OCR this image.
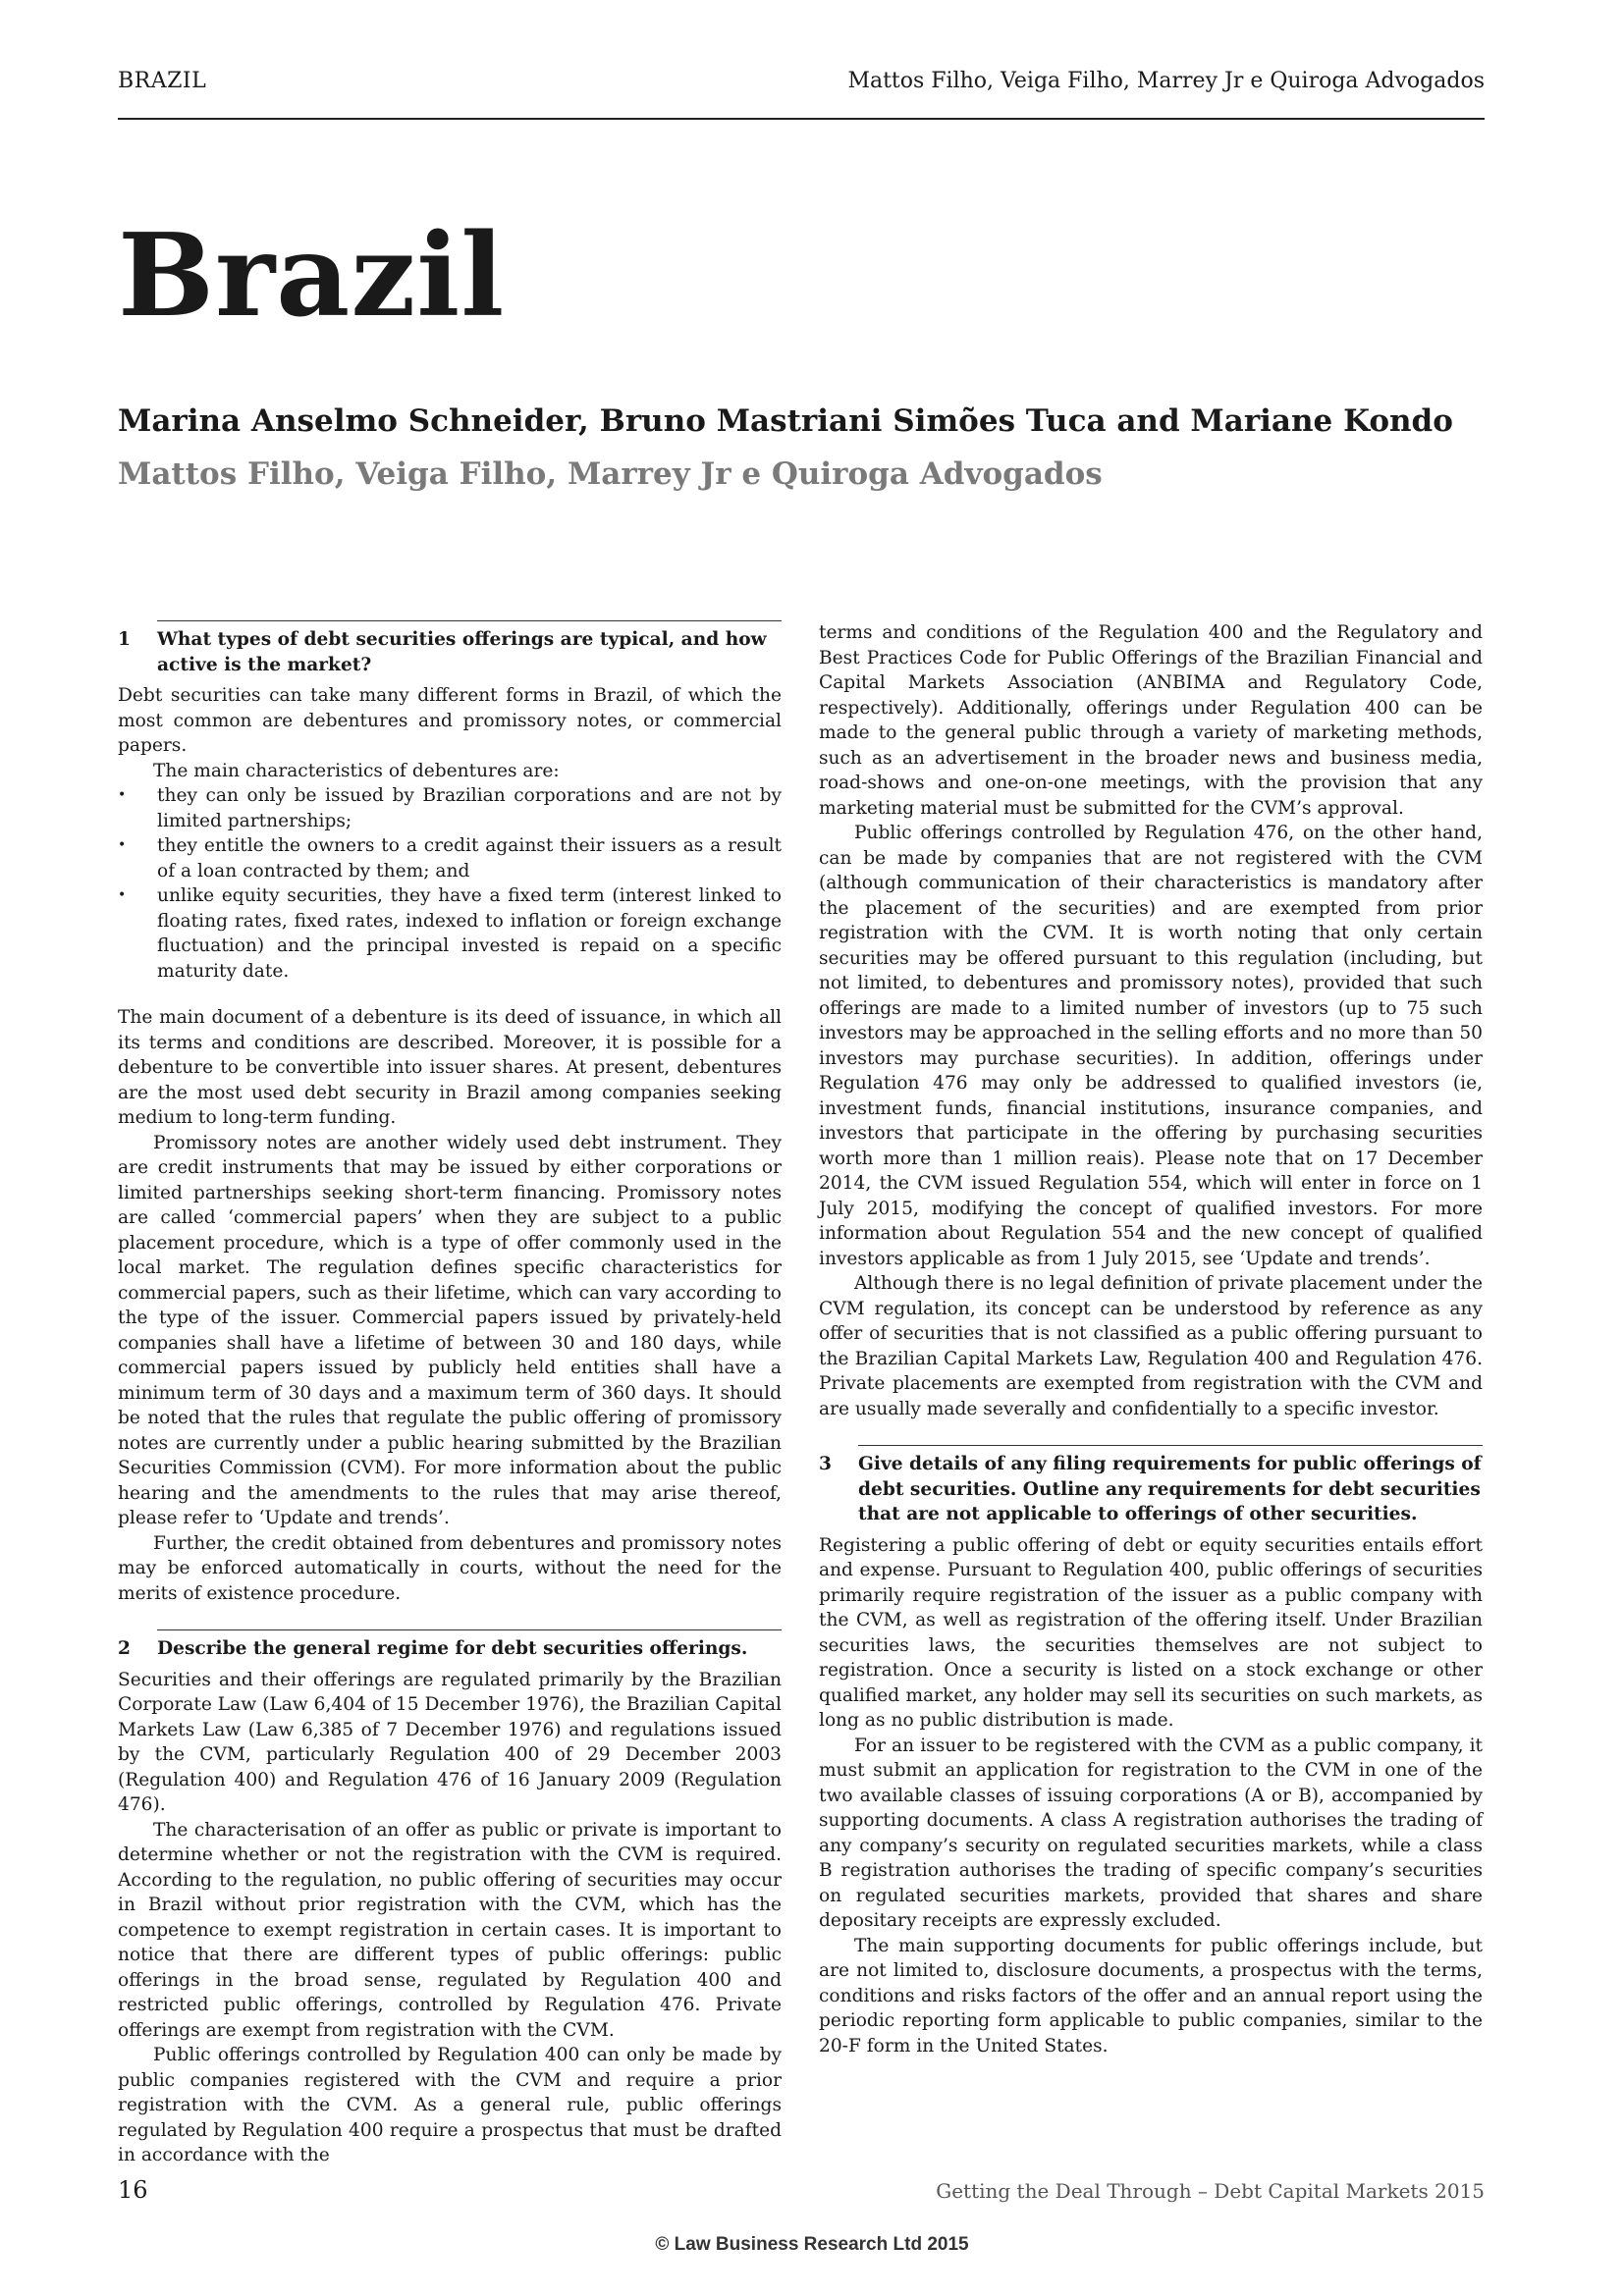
BRAZIL	Mattos Filho, Veiga Filho, Marrey Jr e Quiroga Advogados
Brazil
Marina Anselmo Schneider, Bruno Mastriani Simões Tuca and Mariane Kondo
Mattos Filho, Veiga Filho, Marrey Jr e Quiroga Advogados
1 What types of debt securities offerings are typical, and how active is the market?

Debt securities can take many different forms in Brazil, of which the most common are debentures and promissory notes, or commercial papers.

The main characteristics of debentures are:

• they can only be issued by Brazilian corporations and are not by limited partnerships;
• they entitle the owners to a credit against their issuers as a result of a loan contracted by them; and
• unlike equity securities, they have a fixed term (interest linked to floating rates, fixed rates, indexed to inflation or foreign exchange fluctuation) and the principal invested is repaid on a specific maturity date.

The main document of a debenture is its deed of issuance, in which all its terms and conditions are described. Moreover, it is possible for a debenture to be convertible into issuer shares. At present, debentures are the most used debt security in Brazil among companies seeking medium to long-term funding.

Promissory notes are another widely used debt instrument. They are credit instruments that may be issued by either corporations or limited partnerships seeking short-term financing. Promissory notes are called ‘commercial papers’ when they are subject to a public placement procedure, which is a type of offer commonly used in the local market. The regulation defines specific characteristics for commercial papers, such as their lifetime, which can vary according to the type of the issuer. Commercial papers issued by privately-held companies shall have a lifetime of between 30 and 180 days, while commercial papers issued by publicly held entities shall have a minimum term of 30 days and a maximum term of 360 days. It should be noted that the rules that regulate the public offering of promissory notes are currently under a public hearing submitted by the Brazilian Securities Commission (CVM). For more information about the public hearing and the amendments to the rules that may arise thereof, please refer to ‘Update and trends’.

Further, the credit obtained from debentures and promissory notes may be enforced automatically in courts, without the need for the merits of existence procedure.

2 Describe the general regime for debt securities offerings.

Securities and their offerings are regulated primarily by the Brazilian Corporate Law (Law 6,404 of 15 December 1976), the Brazilian Capital Markets Law (Law 6,385 of 7 December 1976) and regulations issued by the CVM, particularly Regulation 400 of 29 December 2003 (Regulation 400) and Regulation 476 of 16 January 2009 (Regulation 476).

The characterisation of an offer as public or private is important to determine whether or not the registration with the CVM is required. According to the regulation, no public offering of securities may occur in Brazil without prior registration with the CVM, which has the competence to exempt registration in certain cases. It is important to notice that there are different types of public offerings: public offerings in the broad sense, regulated by Regulation 400 and restricted public offerings, controlled by Regulation 476. Private offerings are exempt from registration with the CVM.

Public offerings controlled by Regulation 400 can only be made by public companies registered with the CVM and require a prior registration with the CVM. As a general rule, public offerings regulated by Regulation 400 require a prospectus that must be drafted in accordance with the

terms and conditions of the Regulation 400 and the Regulatory and Best Practices Code for Public Offerings of the Brazilian Financial and Capital Markets Association (ANBIMA and Regulatory Code, respectively). Additionally, offerings under Regulation 400 can be made to the general public through a variety of marketing methods, such as an advertisement in the broader news and business media, road-shows and one-on-one meetings, with the provision that any marketing material must be submitted for the CVM’s approval.

Public offerings controlled by Regulation 476, on the other hand, can be made by companies that are not registered with the CVM (although communication of their characteristics is mandatory after the placement of the securities) and are exempted from prior registration with the CVM. It is worth noting that only certain securities may be offered pursuant to this regulation (including, but not limited, to debentures and promissory notes), provided that such offerings are made to a limited number of investors (up to 75 such investors may be approached in the selling efforts and no more than 50 investors may purchase securities). In addition, offerings under Regulation 476 may only be addressed to qualified investors (ie, investment funds, financial institutions, insurance companies, and investors that participate in the offering by purchasing securities worth more than 1 million reais). Please note that on 17 December 2014, the CVM issued Regulation 554, which will enter in force on 1 July 2015, modifying the concept of qualified investors. For more information about Regulation 554 and the new concept of qualified investors applicable as from 1 July 2015, see ‘Update and trends’.

Although there is no legal definition of private placement under the CVM regulation, its concept can be understood by reference as any offer of securities that is not classified as a public offering pursuant to the Brazilian Capital Markets Law, Regulation 400 and Regulation 476. Private placements are exempted from registration with the CVM and are usually made severally and confidentially to a specific investor.

3 Give details of any filing requirements for public offerings of debt securities. Outline any requirements for debt securities that are not applicable to offerings of other securities.

Registering a public offering of debt or equity securities entails effort and expense. Pursuant to Regulation 400, public offerings of securities primarily require registration of the issuer as a public company with the CVM, as well as registration of the offering itself. Under Brazilian securities laws, the securities themselves are not subject to registration. Once a security is listed on a stock exchange or other qualified market, any holder may sell its securities on such markets, as long as no public distribution is made.

For an issuer to be registered with the CVM as a public company, it must submit an application for registration to the CVM in one of the two available classes of issuing corporations (A or B), accompanied by supporting documents. A class A registration authorises the trading of any company’s security on regulated securities markets, while a class B registration authorises the trading of specific company’s securities on regulated securities markets, provided that shares and share depositary receipts are expressly excluded.

The main supporting documents for public offerings include, but are not limited to, disclosure documents, a prospectus with the terms, conditions and risks factors of the offer and an annual report using the periodic reporting form applicable to public companies, similar to the 20-F form in the United States.

16	Getting the Deal Through – Debt Capital Markets 2015
© Law Business Research Ltd 2015
